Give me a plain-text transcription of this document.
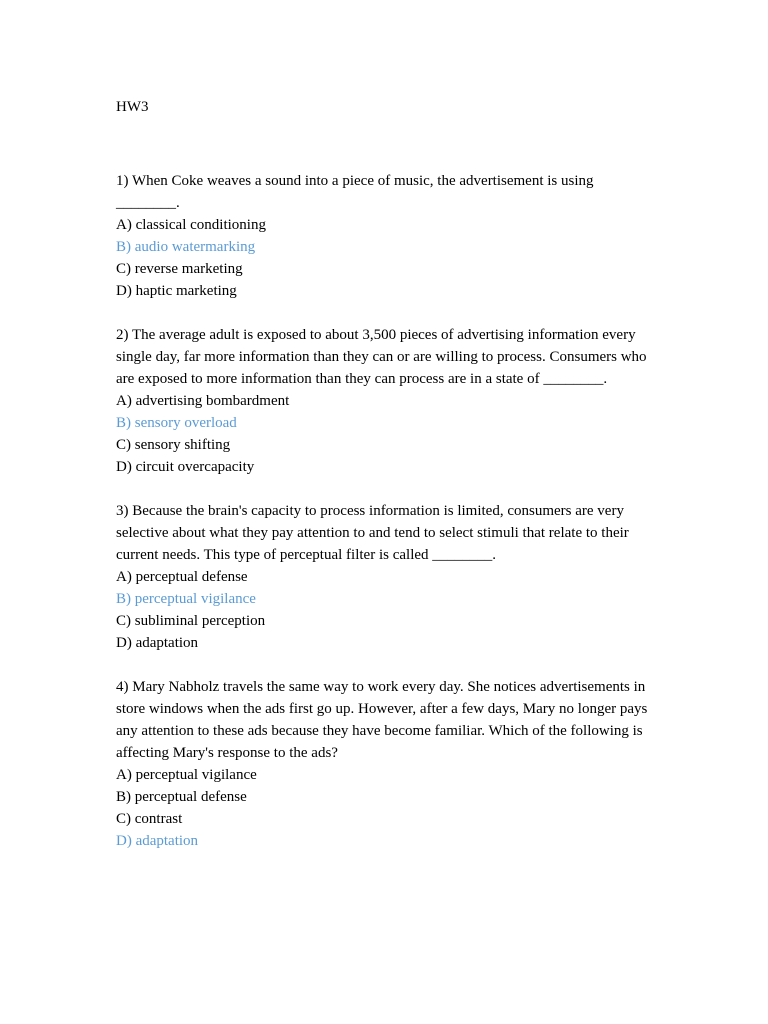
HW3

1) When Coke weaves a sound into a piece of music, the advertisement is using ________.

A) classical conditioning

B) audio watermarking

C) reverse marketing

D) haptic marketing

2) The average adult is exposed to about 3,500 pieces of advertising information every single day, far more information than they can or are willing to process. Consumers who are exposed to more information than they can process are in a state of ________.

A) advertising bombardment

B) sensory overload

C) sensory shifting

D) circuit overcapacity

3) Because the brain's capacity to process information is limited, consumers are very selective about what they pay attention to and tend to select stimuli that relate to their current needs. This type of perceptual filter is called ________.

A) perceptual defense

B) perceptual vigilance

C) subliminal perception

D) adaptation

4) Mary Nabholz travels the same way to work every day. She notices advertisements in store windows when the ads first go up. However, after a few days, Mary no longer pays any attention to these ads because they have become familiar. Which of the following is affecting Mary's response to the ads?

A) perceptual vigilance

B) perceptual defense

C) contrast

D) adaptation
